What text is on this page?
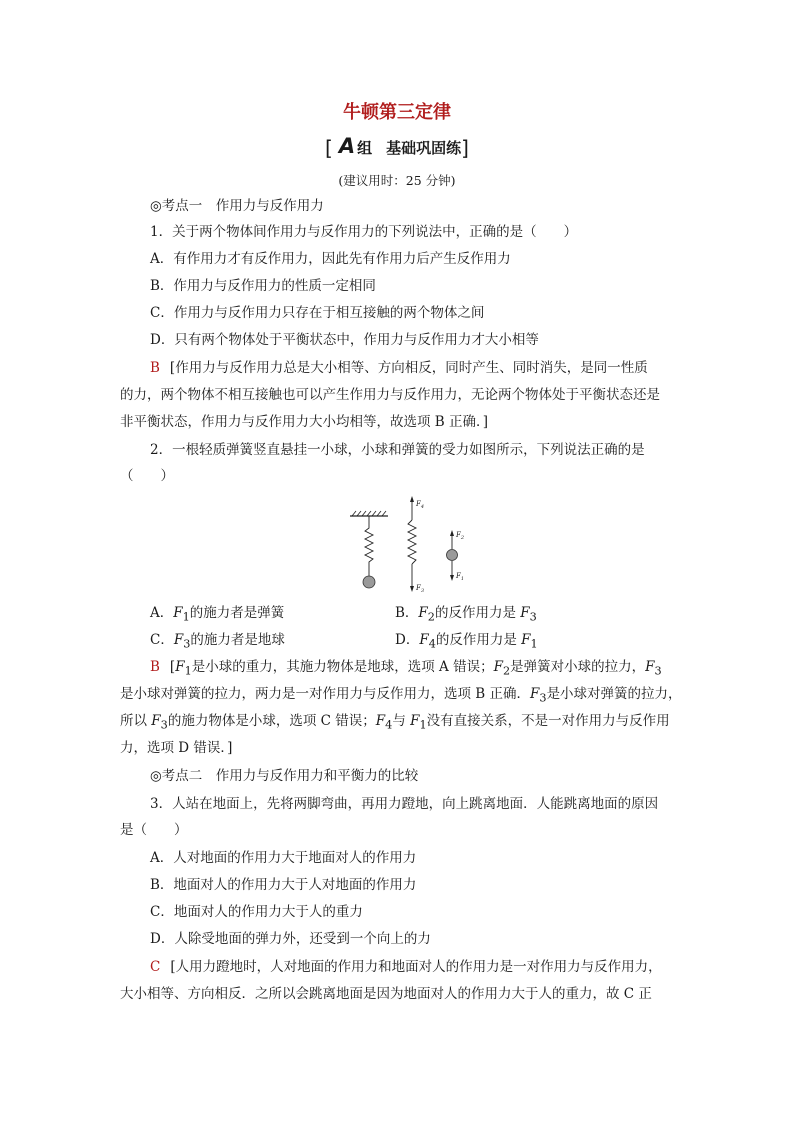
牛顿第三定律
[ A 组 基础巩固练]
(建议用时：25 分钟)
◎考点一　作用力与反作用力
1．关于两个物体间作用力与反作用力的下列说法中，正确的是（　　）
A．有作用力才有反作用力，因此先有作用力后产生反作用力
B．作用力与反作用力的性质一定相同
C．作用力与反作用力只存在于相互接触的两个物体之间
D．只有两个物体处于平衡状态中，作用力与反作用力才大小相等
B [作用力与反作用力总是大小相等、方向相反，同时产生、同时消失，是同一性质
的力，两个物体不相互接触也可以产生作用力与反作用力，无论两个物体处于平衡状态还是
非平衡状态，作用力与反作用力大小均相等，故选项 B 正确．]
2．一根轻质弹簧竖直悬挂一小球，小球和弹簧的受力如图所示，下列说法正确的是
（　　）
$F_4$
$F_3$
$F_2$
$F_1$
A．$F_1$的施力者是弹簧	B．$F_2$的反作用力是 $F_3$
C．$F_3$的施力者是地球	D．$F_4$的反作用力是 $F_1$
B [$F_1$是小球的重力，其施力物体是地球，选项 A 错误；$F_2$是弹簧对小球的拉力，$F_3$
是小球对弹簧的拉力，两力是一对作用力与反作用力，选项 B 正确．$F_3$是小球对弹簧的拉力，
所以 $F_3$的施力物体是小球，选项 C 错误；$F_4$与 $F_1$没有直接关系，不是一对作用力与反作用
力，选项 D 错误．]
◎考点二　作用力与反作用力和平衡力的比较
3．人站在地面上，先将两脚弯曲，再用力蹬地，向上跳离地面．人能跳离地面的原因
是（　　）
A．人对地面的作用力大于地面对人的作用力
B．地面对人的作用力大于人对地面的作用力
C．地面对人的作用力大于人的重力
D．人除受地面的弹力外，还受到一个向上的力
C [人用力蹬地时，人对地面的作用力和地面对人的作用力是一对作用力与反作用力，
大小相等、方向相反．之所以会跳离地面是因为地面对人的作用力大于人的重力，故 C 正
